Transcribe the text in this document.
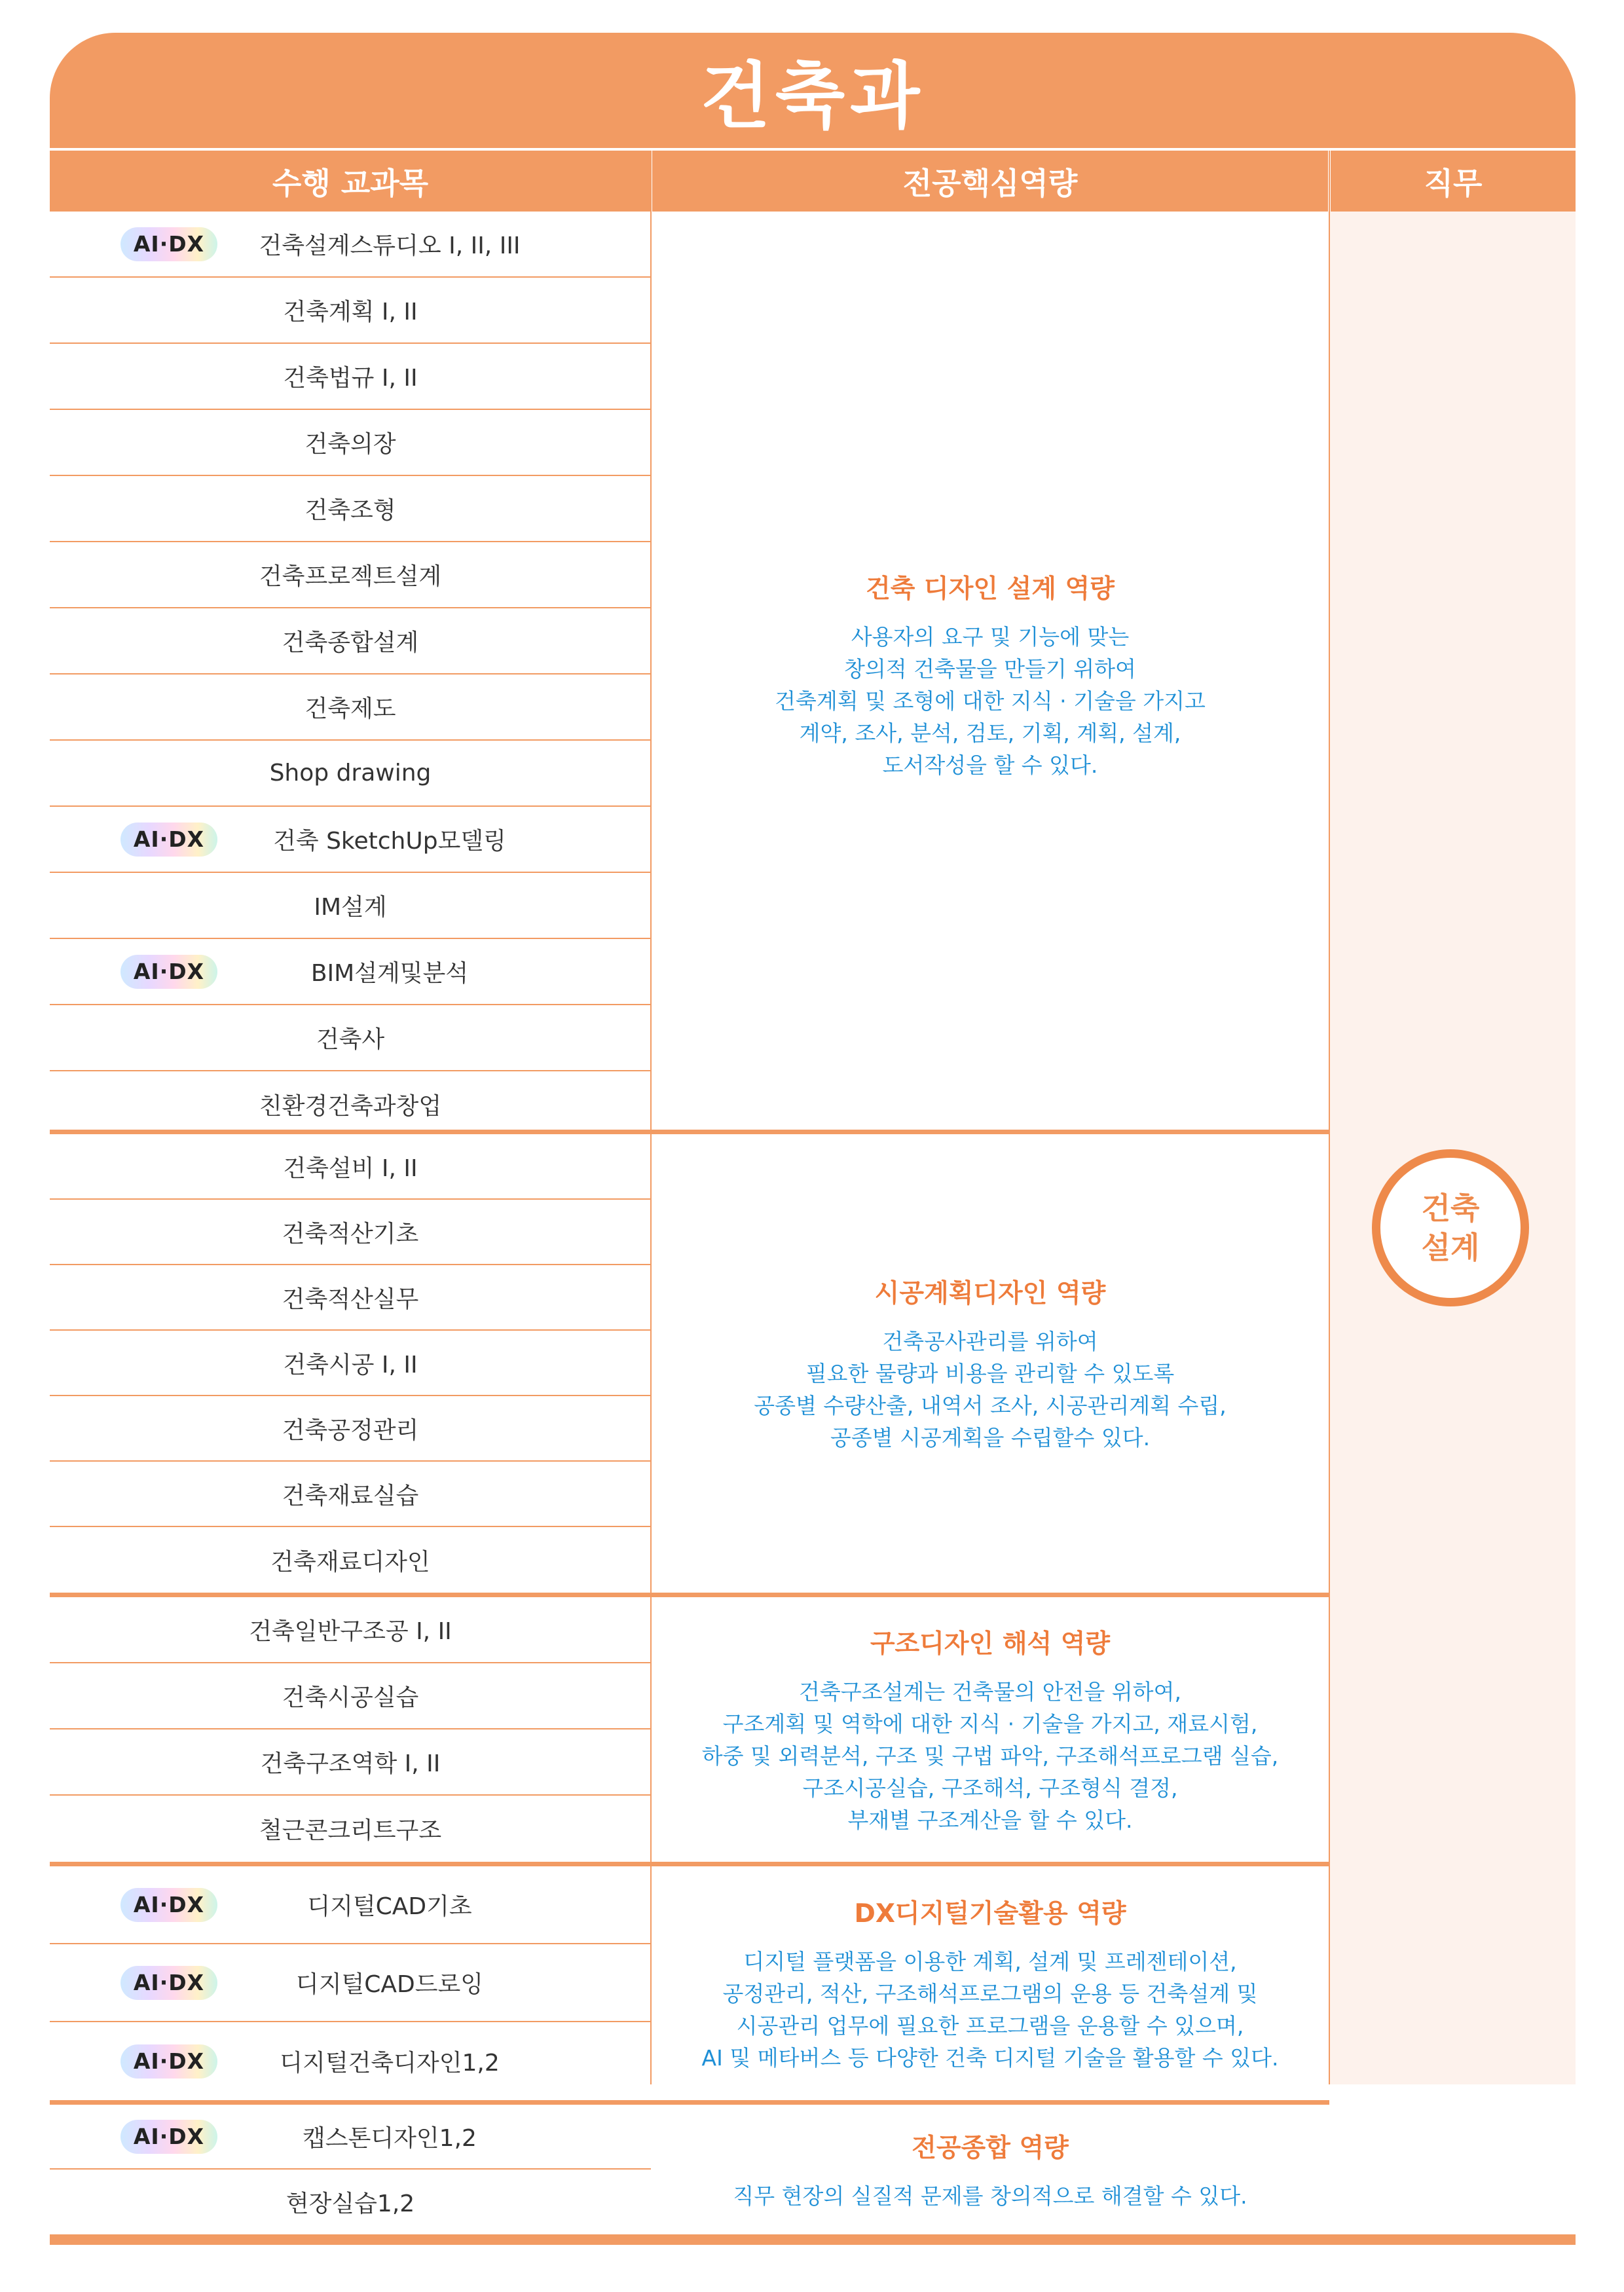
건축과
수행 교과목	전공핵심역량	직무
AI·DX	건축설계스튜디오 I, II, III
건축계획 I, II
건축법규 I, II
건축의장
건축조형
건축프로젝트설계
건축종합설계
건축제도
Shop drawing
AI·DX	건축 SketchUp모델링
IM설계
AI·DX	BIM설계및분석
건축사
친환경건축과창업
건축 디자인 설계 역량
사용자의 요구 및 기능에 맞는
창의적 건축물을 만들기 위하여
건축계획 및 조형에 대한 지식 · 기술을 가지고
계약, 조사, 분석, 검토, 기획, 계획, 설계,
도서작성을 할 수 있다.
건축설비 I, II
건축적산기초
건축적산실무
건축시공 I, II
건축공정관리
건축재료실습
건축재료디자인
시공계획디자인 역량
건축공사관리를 위하여
필요한 물량과 비용을 관리할 수 있도록
공종별 수량산출, 내역서 조사, 시공관리계획 수립,
공종별 시공계획을 수립할수 있다.
건축일반구조공 I, II
건축시공실습
건축구조역학 I, II
철근콘크리트구조
구조디자인 해석 역량
건축구조설계는 건축물의 안전을 위하여,
구조계획 및 역학에 대한 지식 · 기술을 가지고, 재료시험,
하중 및 외력분석, 구조 및 구법 파악, 구조해석프로그램 실습,
구조시공실습, 구조해석, 구조형식 결정,
부재별 구조계산을 할 수 있다.
AI·DX	디지털CAD기초
AI·DX	디지털CAD드로잉
AI·DX	디지털건축디자인1,2
DX디지털기술활용 역량
디지털 플랫폼을 이용한 계획, 설계 및 프레젠테이션,
공정관리, 적산, 구조해석프로그램의 운용 등 건축설계 및
시공관리 업무에 필요한 프로그램을 운용할 수 있으며,
AI 및 메타버스 등 다양한 건축 디지털 기술을 활용할 수 있다.
AI·DX	캡스톤디자인1,2
현장실습1,2
전공종합 역량
직무 현장의 실질적 문제를 창의적으로 해결할 수 있다.
건축
설계
